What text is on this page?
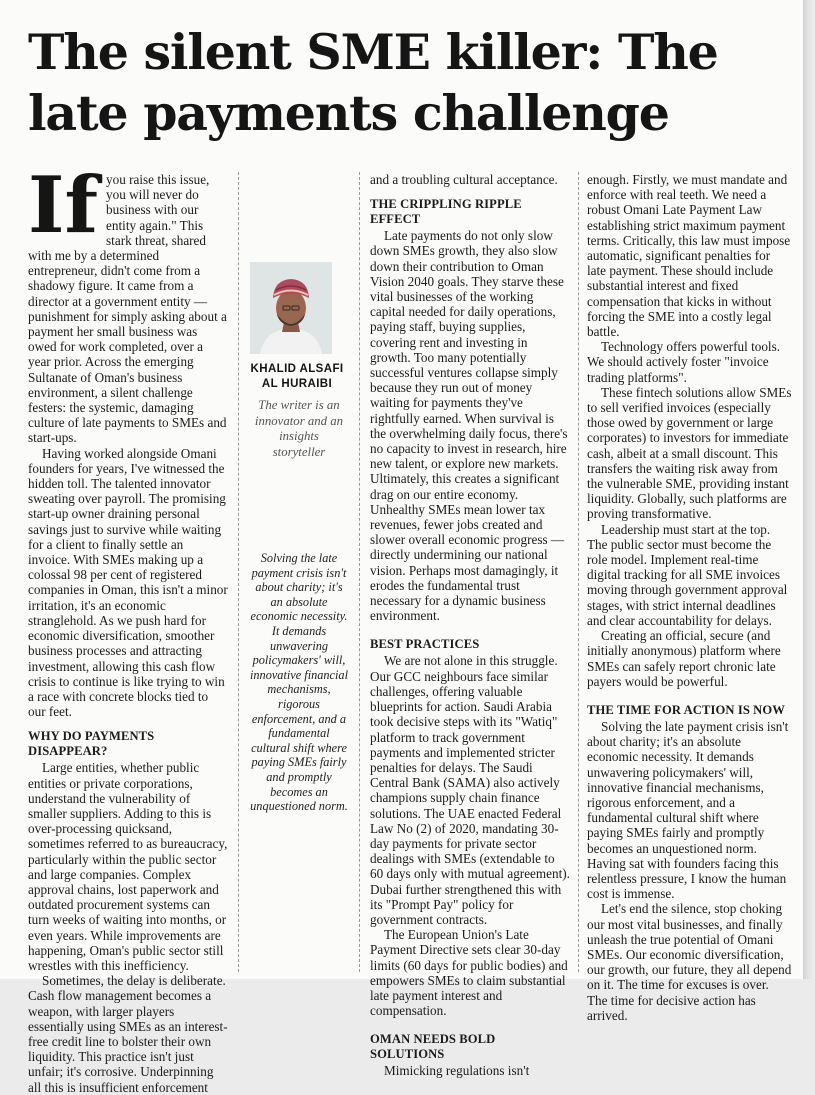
The silent SME killer: The late payments challenge
If you raise this issue, you will never do business with our entity again." This stark threat, shared with me by a determined entrepreneur, didn't come from a shadowy figure. It came from a director at a government entity — punishment for simply asking about a payment her small business was owed for work completed, over a year prior. Across the emerging Sultanate of Oman's business environment, a silent challenge festers: the systemic, damaging culture of late payments to SMEs and start-ups.

Having worked alongside Omani founders for years, I've witnessed the hidden toll. The talented innovator sweating over payroll. The promising start-up owner draining personal savings just to survive while waiting for a client to finally settle an invoice. With SMEs making up a colossal 98 per cent of registered companies in Oman, this isn't a minor irritation, it's an economic stranglehold. As we push hard for economic diversification, smoother business processes and attracting investment, allowing this cash flow crisis to continue is like trying to win a race with concrete blocks tied to our feet.

WHY DO PAYMENTS DISAPPEAR?

Large entities, whether public entities or private corporations, understand the vulnerability of smaller suppliers. Adding to this is over-processing quicksand, sometimes referred to as bureaucracy, particularly within the public sector and large companies. Complex approval chains, lost paperwork and outdated procurement systems can turn weeks of waiting into months, or even years. While improvements are happening, Oman's public sector still wrestles with this inefficiency.

Sometimes, the delay is deliberate. Cash flow management becomes a weapon, with larger players essentially using SMEs as an interest-free credit line to bolster their own liquidity. This practice isn't just unfair; it's corrosive. Underpinning all this is insufficient enforcement

KHALID ALSAFI AL HURAIBI
The writer is an innovator and an insights storyteller
Solving the late payment crisis isn't about charity; it's an absolute economic necessity. It demands unwavering policymakers' will, innovative financial mechanisms, rigorous enforcement, and a fundamental cultural shift where paying SMEs fairly and promptly becomes an unquestioned norm.

and a troubling cultural acceptance.

THE CRIPPLING RIPPLE EFFECT

Late payments do not only slow down SMEs growth, they also slow down their contribution to Oman Vision 2040 goals. They starve these vital businesses of the working capital needed for daily operations, paying staff, buying supplies, covering rent and investing in growth. Too many potentially successful ventures collapse simply because they run out of money waiting for payments they've rightfully earned. When survival is the overwhelming daily focus, there's no capacity to invest in research, hire new talent, or explore new markets. Ultimately, this creates a significant drag on our entire economy. Unhealthy SMEs mean lower tax revenues, fewer jobs created and slower overall economic progress — directly undermining our national vision. Perhaps most damagingly, it erodes the fundamental trust necessary for a dynamic business environment.

BEST PRACTICES

We are not alone in this struggle. Our GCC neighbours face similar challenges, offering valuable blueprints for action. Saudi Arabia took decisive steps with its "Watiq" platform to track government payments and implemented stricter penalties for delays. The Saudi Central Bank (SAMA) also actively champions supply chain finance solutions. The UAE enacted Federal Law No (2) of 2020, mandating 30-day payments for private sector dealings with SMEs (extendable to 60 days only with mutual agreement). Dubai further strengthened this with its "Prompt Pay" policy for government contracts.

The European Union's Late Payment Directive sets clear 30-day limits (60 days for public bodies) and empowers SMEs to claim substantial late payment interest and compensation.

OMAN NEEDS BOLD SOLUTIONS

Mimicking regulations isn't

enough. Firstly, we must mandate and enforce with real teeth. We need a robust Omani Late Payment Law establishing strict maximum payment terms. Critically, this law must impose automatic, significant penalties for late payment. These should include substantial interest and fixed compensation that kicks in without forcing the SME into a costly legal battle.

Technology offers powerful tools. We should actively foster "invoice trading platforms".

These fintech solutions allow SMEs to sell verified invoices (especially those owed by government or large corporates) to investors for immediate cash, albeit at a small discount. This transfers the waiting risk away from the vulnerable SME, providing instant liquidity. Globally, such platforms are proving transformative.

Leadership must start at the top. The public sector must become the role model. Implement real-time digital tracking for all SME invoices moving through government approval stages, with strict internal deadlines and clear accountability for delays.

Creating an official, secure (and initially anonymous) platform where SMEs can safely report chronic late payers would be powerful.

THE TIME FOR ACTION IS NOW

Solving the late payment crisis isn't about charity; it's an absolute economic necessity. It demands unwavering policymakers' will, innovative financial mechanisms, rigorous enforcement, and a fundamental cultural shift where paying SMEs fairly and promptly becomes an unquestioned norm. Having sat with founders facing this relentless pressure, I know the human cost is immense.

Let's end the silence, stop choking our most vital businesses, and finally unleash the true potential of Omani SMEs. Our economic diversification, our growth, our future, they all depend on it. The time for excuses is over. The time for decisive action has arrived.
